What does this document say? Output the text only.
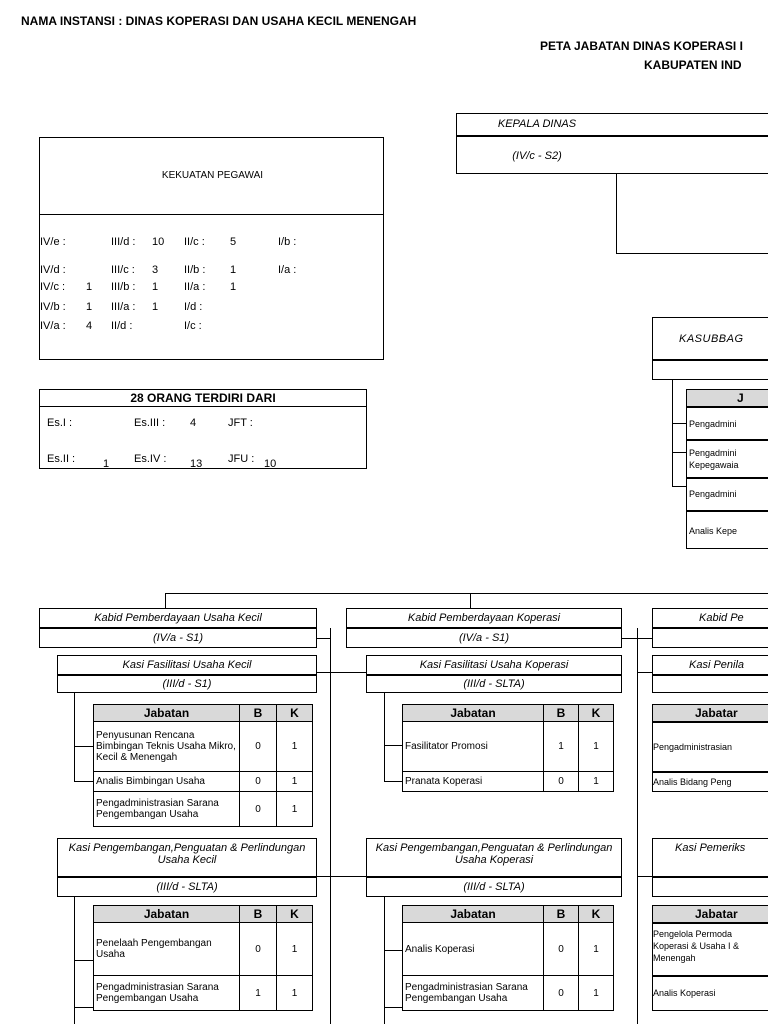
NAMA INSTANSI : DINAS KOPERASI DAN USAHA KECIL MENENGAH
PETA JABATAN DINAS KOPERASI I
KABUPATEN IND
KEPALA DINAS
(IV/c - S2)
KEKUATAN PEGAWAI
IV/e :	III/d : 10 II/c : 5	I/b :
IV/d :	III/c : 3 II/b : 1	I/a :
IV/c : 1 III/b : 1 II/a : 1
IV/b : 1 III/a : 1 I/d :
IV/a : 4 II/d :	I/c :
28 ORANG TERDIRI DARI
Es.I :	Es.III : 4	JFT :
Es.II :	1 Es.IV : 13 JFU : 10
KASUBBAG
J
Pengadmini
Pengadmini Kepegawaia
Pengadmini
Analis Kepe
Kabid Pemberdayaan Usaha Kecil
(IV/a - S1)
Kasi Fasilitasi Usaha Kecil
(III/d - S1)
Jabatan	B	K
Penyusunan Rencana Bimbingan Teknis Usaha Mikro, Kecil & Menengah	0	1
Analis Bimbingan Usaha	0	1
Pengadministrasian Sarana Pengembangan Usaha	0	1
Kasi Pengembangan,Penguatan & Perlindungan
Usaha Kecil
(III/d - SLTA)
Jabatan	B	K
Penelaah Pengembangan Usaha	0	1
Pengadministrasian Sarana Pengembangan Usaha	1	1
Kabid Pemberdayaan Koperasi
(IV/a - S1)
Kasi Fasilitasi Usaha Koperasi
(III/d - SLTA)
Jabatan	B	K
Fasilitator Promosi	1	1
Pranata Koperasi	0	1
Kasi Pengembangan,Penguatan & Perlindungan
Usaha Koperasi
(III/d - SLTA)
Jabatan	B	K
Analis Koperasi	0	1
Pengadministrasian Sarana Pengembangan Usaha	0	1
Kabid Pe
Kasi Penila
Jabatar
Pengadministrasian
Analis Bidang Peng
Kasi Pemeriks
Jabatar
Pengelola Permoda Koperasi & Usaha I & Menengah
Analis Koperasi
